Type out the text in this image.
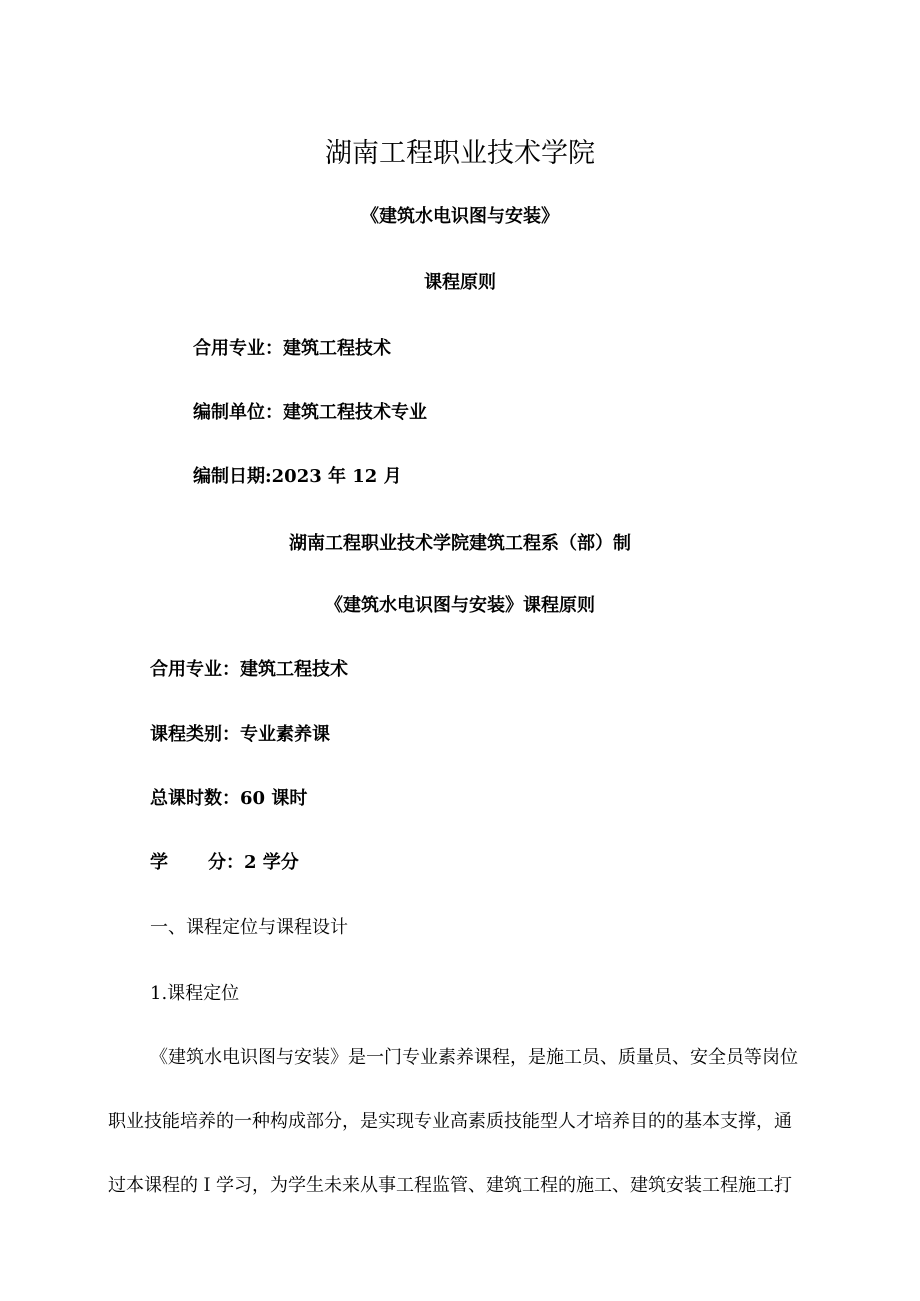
湖南工程职业技术学院
《建筑水电识图与安装》
课程原则
合用专业：建筑工程技术
编制单位：建筑工程技术专业
编制日期:2023 年 12 月
湖南工程职业技术学院建筑工程系（部）制
《建筑水电识图与安装》课程原则
合用专业：建筑工程技术
课程类别：专业素养课
总课时数：60 课时
学 分：2 学分
一、课程定位与课程设计
1.课程定位
《建筑水电识图与安装》是一门专业素养课程，是施工员、质量员、安全员等岗位
职业技能培养的一种构成部分，是实现专业高素质技能型人才培养目的的基本支撑，通
过本课程的Ｉ学习，为学生未来从事工程监管、建筑工程的施工、建筑安装工程施工打
